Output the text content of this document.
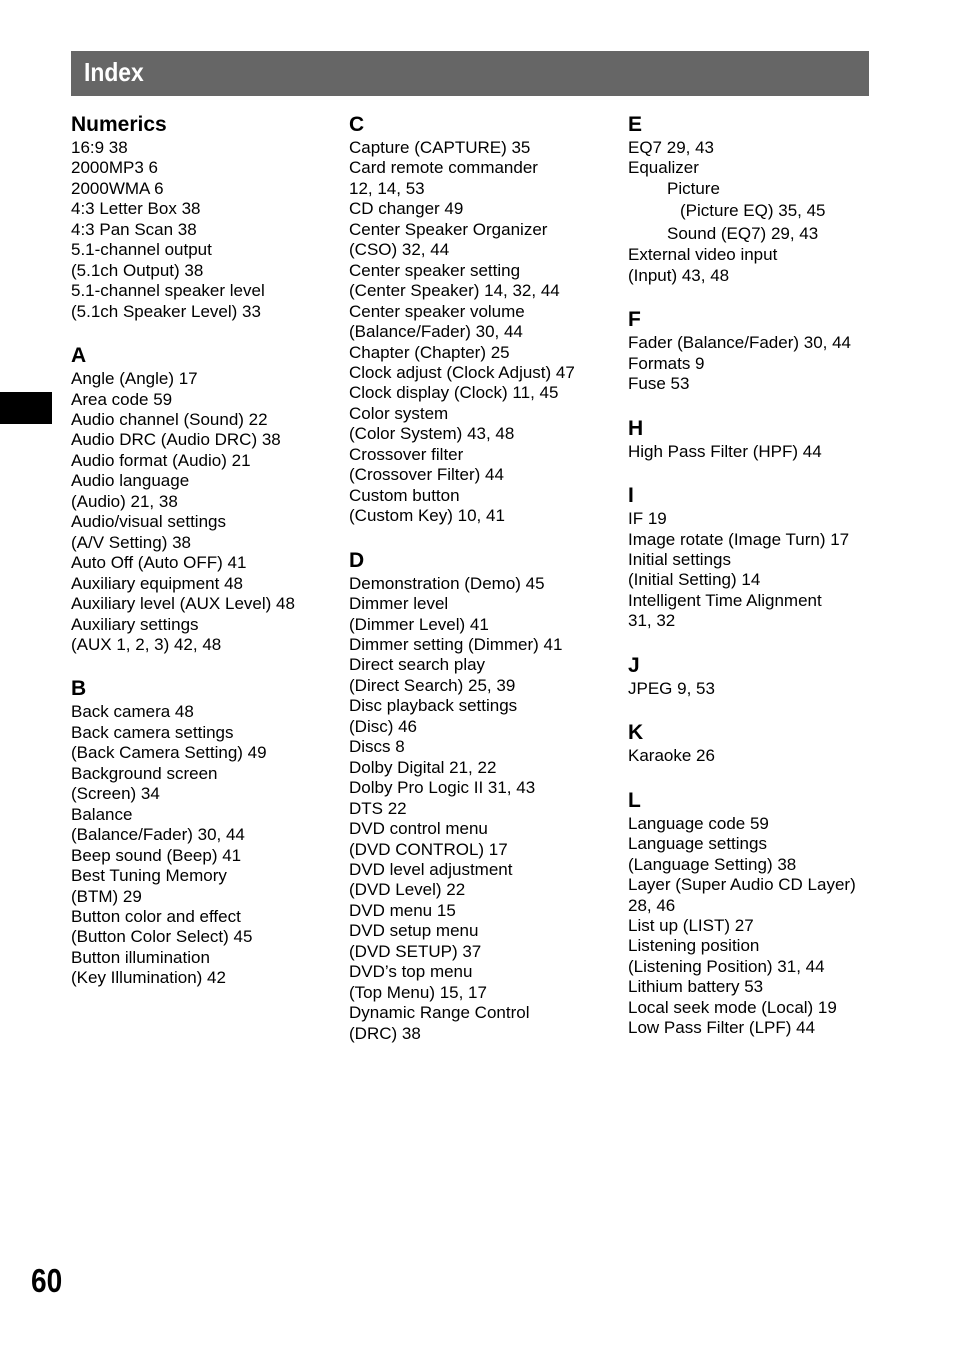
Index
Numerics
16:9 38
2000MP3 6
2000WMA 6
4:3 Letter Box 38
4:3 Pan Scan 38
5.1-channel output
(5.1ch Output) 38
5.1-channel speaker level
(5.1ch Speaker Level) 33
A
Angle (Angle) 17
Area code 59
Audio channel (Sound) 22
Audio DRC (Audio DRC) 38
Audio format (Audio) 21
Audio language
(Audio) 21, 38
Audio/visual settings
(A/V Setting) 38
Auto Off (Auto OFF) 41
Auxiliary equipment 48
Auxiliary level (AUX Level) 48
Auxiliary settings
(AUX 1, 2, 3) 42, 48
B
Back camera 48
Back camera settings
(Back Camera Setting) 49
Background screen
(Screen) 34
Balance
(Balance/Fader) 30, 44
Beep sound (Beep) 41
Best Tuning Memory
(BTM) 29
Button color and effect
(Button Color Select) 45
Button illumination
(Key Illumination) 42
C
Capture (CAPTURE) 35
Card remote commander
12, 14, 53
CD changer 49
Center Speaker Organizer
(CSO) 32, 44
Center speaker setting
(Center Speaker) 14, 32, 44
Center speaker volume
(Balance/Fader) 30, 44
Chapter (Chapter) 25
Clock adjust (Clock Adjust) 47
Clock display (Clock) 11, 45
Color system
(Color System) 43, 48
Crossover filter
(Crossover Filter) 44
Custom button
(Custom Key) 10, 41
D
Demonstration (Demo) 45
Dimmer level
(Dimmer Level) 41
Dimmer setting (Dimmer) 41
Direct search play
(Direct Search) 25, 39
Disc playback settings
(Disc) 46
Discs 8
Dolby Digital 21, 22
Dolby Pro Logic II 31, 43
DTS 22
DVD control menu
(DVD CONTROL) 17
DVD level adjustment
(DVD Level) 22
DVD menu 15
DVD setup menu
(DVD SETUP) 37
DVD’s top menu
(Top Menu) 15, 17
Dynamic Range Control
(DRC) 38
E
EQ7 29, 43
Equalizer
Picture
(Picture EQ) 35, 45
Sound (EQ7) 29, 43
External video input
(Input) 43, 48
F
Fader (Balance/Fader) 30, 44
Formats 9
Fuse 53
H
High Pass Filter (HPF) 44
I
IF 19
Image rotate (Image Turn) 17
Initial settings
(Initial Setting) 14
Intelligent Time Alignment
31, 32
J
JPEG 9, 53
K
Karaoke 26
L
Language code 59
Language settings
(Language Setting) 38
Layer (Super Audio CD Layer)
28, 46
List up (LIST) 27
Listening position
(Listening Position) 31, 44
Lithium battery 53
Local seek mode (Local) 19
Low Pass Filter (LPF) 44
60
